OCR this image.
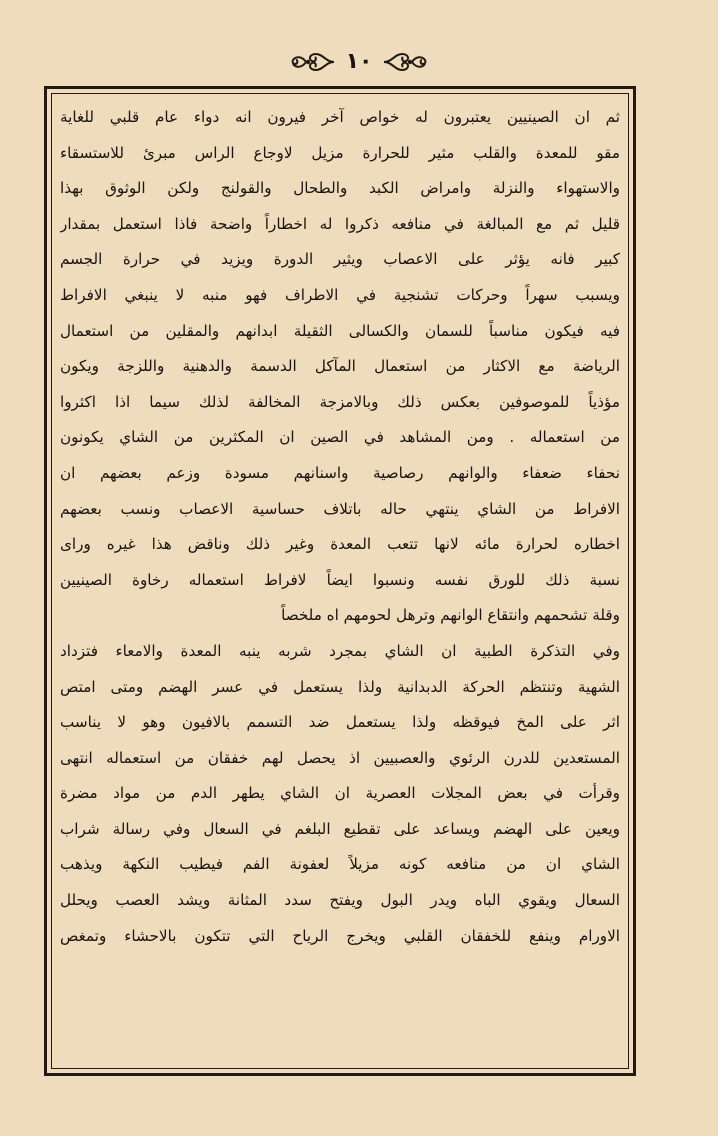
١٠
ثم ان الصينيين يعتبرون له خواص آخر فيرون انه دواء عام قلبي للغاية
مقو للمعدة والقلب مثير للحرارة مزيل لاوجاع الراس مبرئ للاستسقاء
والاستهواء والنزلة وامراض الكبد والطحال والقولنج ولكن الوثوق بهذا
قليل ثم مع المبالغة في منافعه ذكروا له اخطاراً واضحة فاذا استعمل بمقدار
كبير فانه يؤثر على الاعصاب ويثير الدورة ويزيد في حرارة الجسم
ويسبب سهراً وحركات تشنجية في الاطراف فهو منبه لا ينبغي الافراط
فيه فيكون مناسباً للسمان والكسالى الثقيلة ابدانهم والمقلين من استعمال
الرياضة مع الاكثار من استعمال المآكل الدسمة والدهنية واللزجة ويكون
مؤذياً للموصوفين بعكس ذلك وبالامزجة المخالفة لذلك سيما اذا اكثروا
من استعماله . ومن المشاهد في الصين ان المكثرين من الشاي يكونون
نحفاء ضعفاء والوانهم رصاصية واسنانهم مسودة وزعم بعضهم ان
الافراط من الشاي ينتهي حاله باتلاف حساسية الاعصاب ونسب بعضهم
اخطاره لحرارة مائه لانها تتعب المعدة وغير ذلك وناقض هذا غيره وراى
نسبة ذلك للورق نفسه ونسبوا ايضاً لافراط استعماله رخاوة الصينيين
وقلة تشحمهم وانتقاع الوانهم وترهل لحومهم اه ملخصاً
وفي التذكرة الطبية ان الشاي بمجرد شربه ينبه المعدة والامعاء فتزداد
الشهية وتنتظم الحركة الدبدانية ولذا يستعمل في عسر الهضم ومتى امتص
اثر على المخ فيوقظه ولذا يستعمل ضد التسمم بالافيون وهو لا يناسب
المستعدين للدرن الرئوي والعصبيين اذ يحصل لهم خفقان من استعماله انتهى
وقرأت في بعض المجلات العصرية ان الشاي يطهر الدم من مواد مضرة
ويعين على الهضم ويساعد على تقطيع البلغم في السعال وفي رسالة شراب
الشاي ان من منافعه كونه مزيلاً لعفونة الفم فيطيب النكهة ويذهب
السعال ويقوي الباه ويدر البول ويفتح سدد المثانة ويشد العصب ويحلل
الاورام وينفع للخفقان القلبي ويخرج الرياح التي تتكون بالاحشاء وتمغص
